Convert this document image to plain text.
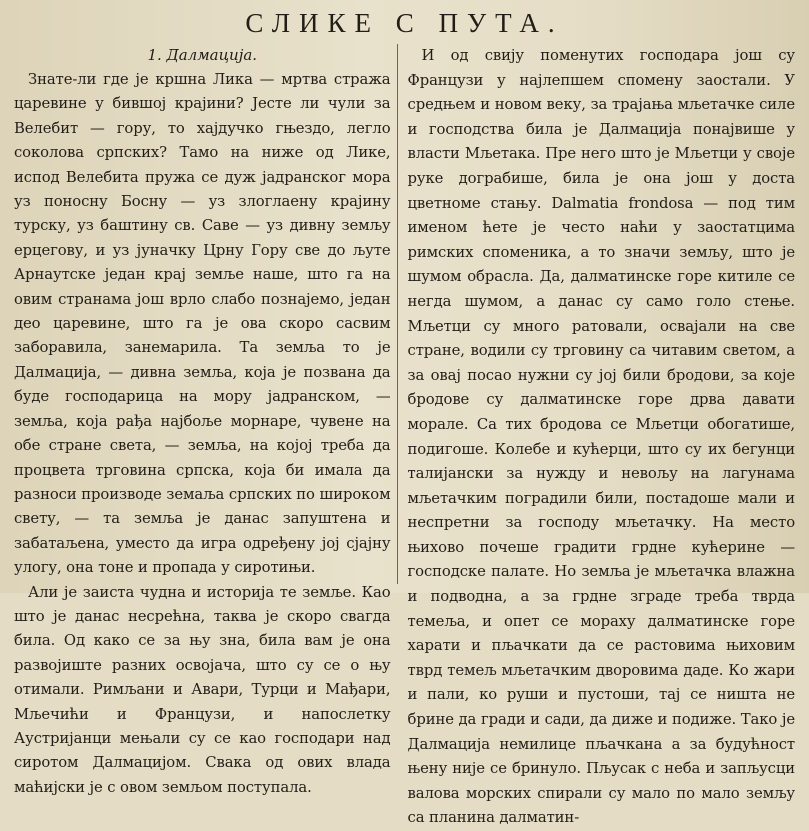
СЛИКЕ С ПУТА.
1. Далмација.

Знате-ли где је кршна Лика — мртва стража царевине у бившој крајини? Јесте ли чули за Велебит — гору, то хајдучко гњездо, легло соколова српских? Тамо на ниже од Лике, испод Велебита пружа се дуж јадранског мора уз поносну Босну — уз злоглаену крајину турску, уз баштину св. Саве — уз дивну земљу ерцегову, и уз јуначку Црну Гору све до љуте Арнаутске један крај земље наше, што га на овим странама још врло слабо познајемо, један део царевине, што га је ова скоро сасвим заборавила, занемарила. Та земља то је Далмација, — дивна земља, која је позвана да буде господарица на мору јадранском, — земља, која рађа најбоље морнаре, чувене на обе стране света, — земља, на којој треба да процвета трговина српска, која би имала да разноси производе земаља српских по широком свету, — та земља је данас запуштена и забатаљена, уместо да игра одређену јој сјајну улогу, она тоне и пропада у сиротињи.

Али је заиста чудна и историја те земље. Као што је данас несрећна, таква је скоро свагда била. Од како се за њу зна, била вам је она развојиште разних освојача, што су се о њу отимали. Римљани и Авари, Турци и Мађари, Мљечићи и Французи, и напослетку Аустријанци мењали су се као господари над сиротом Далмацијом. Свака од ових влада маћијски је с овом земљом поступала.

И од свију поменутих господара још су Французи у најлепшем спомену заостали. У средњем и новом веку, за трајања мљетачке силе и господства била је Далмација понајвише у власти Мљетака. Пре него што је Мљетци у своје руке дограбише, била је она још у доста цветноме стању. Dalmatia frondosa — под тим именом ћете је често наћи у заостатцима римских споменика, а то значи земљу, што је шумом обрасла. Да, далматинске горе китиле се негда шумом, а данас су само голо стење. Мљетци су много ратовали, освајали на све стране, водили су трговину са читавим светом, а за овај посао нужни су јој били бродови, за које бродове су далматинске горе дрва давати морале. Са тих бродова се Мљетци обогатише, подигоше. Колебе и кућерци, што су их бегунци талијански за нужду и невољу на лагунама мљетачким поградили били, постадоше мали и неспретни за господу мљетачку. На место њихово почеше градити грдне кућерине — господске палате. Но земља је мљетачка влажна и подводна, а за грдне зграде треба тврда темеља, и опет се мораху далматинске горе харати и пљачкати да се растовима њиховим тврд темељ мљетачким дворовима даде. Ко жари и пали, ко руши и пустоши, тај се ништа не брине да гради и сади, да диже и подиже. Тако је Далмација немилице пљачкана а за будућност њену није се бринуло. Пљусак с неба и запљусци валова морских спирали су мало по мало земљу са планина далматин-
